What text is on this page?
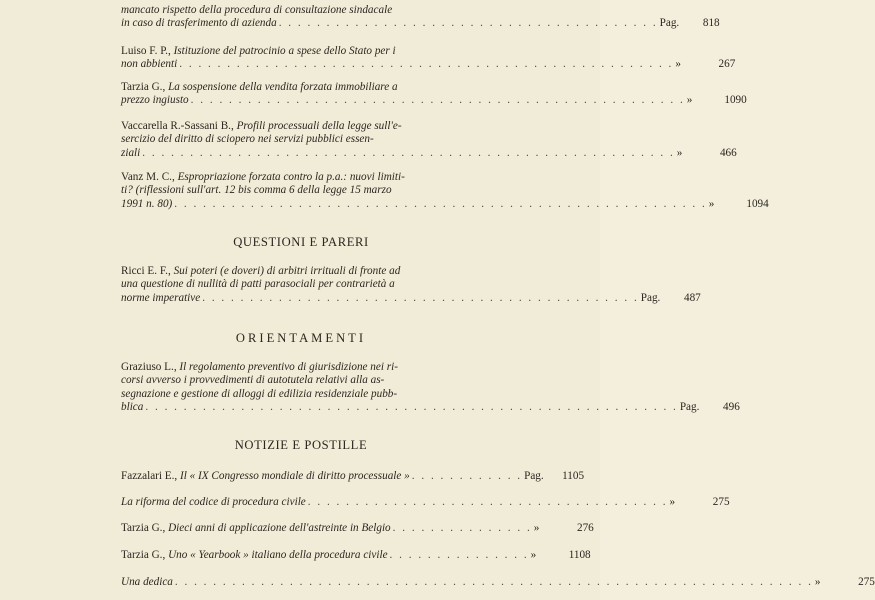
mancato rispetto della procedura di consultazione sindacale
in caso di trasferimento di azienda . . . . . . . . . . . . . . . . . . . . . . . . . . . . . . . . . . . . . . . . Pag.	818
Luiso F. P.,
Istituzione del patrocinio a spese dello Stato per i
non abbienti . . . . . . . . . . . . . . . . . . . . . . . . . . . . . . . . . . . . . . . . . . . . . . . . . . . . »	267
Tarzia G.,
La sospensione della vendita forzata immobiliare a
prezzo ingiusto . . . . . . . . . . . . . . . . . . . . . . . . . . . . . . . . . . . . . . . . . . . . . . . . . . . . »	1090
Vaccarella R.-Sassani B.,
Profili processuali della legge sull'e-
sercizio del diritto di sciopero nei servizi pubblici essen-
ziali . . . . . . . . . . . . . . . . . . . . . . . . . . . . . . . . . . . . . . . . . . . . . . . . . . . . . . . . »	466
Vanz M. C.,
Espropriazione forzata contro la p.a.: nuovi limiti-
ti? (riflessioni sull'art. 12 bis comma 6 della legge 15 marzo
1991 n. 80) . . . . . . . . . . . . . . . . . . . . . . . . . . . . . . . . . . . . . . . . . . . . . . . . . . . . . . . . »	1094
QUESTIONI E PARERI
Ricci E. F.,
Sui poteri (e doveri) di arbitri irrituali di fronte ad
una questione di nullità di patti parasociali per contrarietà a
norme imperative . . . . . . . . . . . . . . . . . . . . . . . . . . . . . . . . . . . . . . . . . . . . . . Pag.	487
ORIENTAMENTI
Graziuso L.,
Il regolamento preventivo di giurisdizione nei ri-
corsi avverso i provvedimenti di autotutela relativi alla as-
segnazione e gestione di alloggi di edilizia residenziale pubb-
blica . . . . . . . . . . . . . . . . . . . . . . . . . . . . . . . . . . . . . . . . . . . . . . . . . . . . . . . . Pag.	496
NOTIZIE E POSTILLE
Fazzalari E.,
Il « IX Congresso mondiale di diritto processuale » . . . . . . . . . . . . Pag.	1105
La riforma del codice di procedura civile . . . . . . . . . . . . . . . . . . . . . . . . . . . . . . . . . . . . . . »	275
Tarzia G.,
Dieci anni di applicazione dell'astreinte in Belgio . . . . . . . . . . . . . . . »	276
Tarzia G.,
Uno « Yearbook » italiano della procedura civile . . . . . . . . . . . . . . . »	1108
Una dedica . . . . . . . . . . . . . . . . . . . . . . . . . . . . . . . . . . . . . . . . . . . . . . . . . . . . . . . . . . . . . . . . . . . »	275
